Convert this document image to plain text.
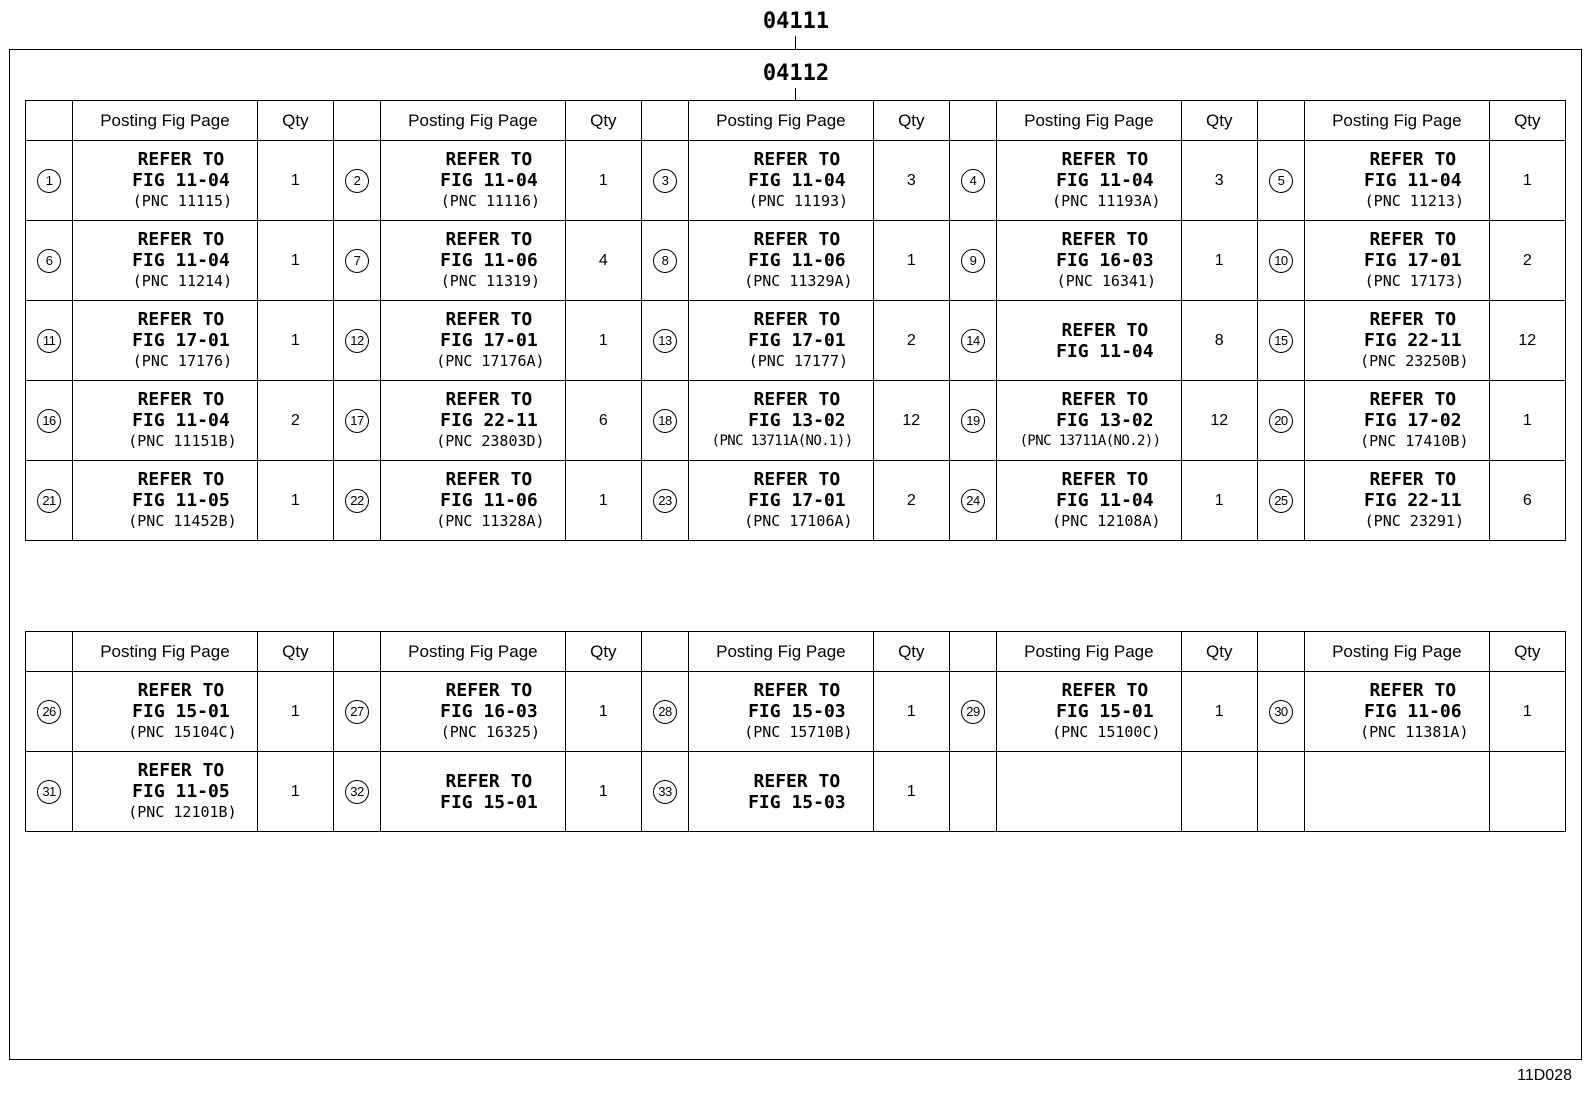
04111
04112
	Posting Fig Page	Qty		Posting Fig Page	Qty		Posting Fig Page	Qty		Posting Fig Page	Qty		Posting Fig Page	Qty
1	REFER TO
FIG 11-04
(PNC 11115)	1	2	REFER TO
FIG 11-04
(PNC 11116)	1	3	REFER TO
FIG 11-04
(PNC 11193)	3	4	REFER TO
FIG 11-04
(PNC 11193A)	3	5	REFER TO
FIG 11-04
(PNC 11213)	1
6	REFER TO
FIG 11-04
(PNC 11214)	1	7	REFER TO
FIG 11-06
(PNC 11319)	4	8	REFER TO
FIG 11-06
(PNC 11329A)	1	9	REFER TO
FIG 16-03
(PNC 16341)	1	10	REFER TO
FIG 17-01
(PNC 17173)	2
11	REFER TO
FIG 17-01
(PNC 17176)	1	12	REFER TO
FIG 17-01
(PNC 17176A)	1	13	REFER TO
FIG 17-01
(PNC 17177)	2	14	REFER TO
FIG 11-04	8	15	REFER TO
FIG 22-11
(PNC 23250B)	12
16	REFER TO
FIG 11-04
(PNC 11151B)	2	17	REFER TO
FIG 22-11
(PNC 23803D)	6	18	REFER TO
FIG 13-02
(PNC 13711A(NO.1))	12	19	REFER TO
FIG 13-02
(PNC 13711A(NO.2))	12	20	REFER TO
FIG 17-02
(PNC 17410B)	1
21	REFER TO
FIG 11-05
(PNC 11452B)	1	22	REFER TO
FIG 11-06
(PNC 11328A)	1	23	REFER TO
FIG 17-01
(PNC 17106A)	2	24	REFER TO
FIG 11-04
(PNC 12108A)	1	25	REFER TO
FIG 22-11
(PNC 23291)	6
	Posting Fig Page	Qty		Posting Fig Page	Qty		Posting Fig Page	Qty		Posting Fig Page	Qty		Posting Fig Page	Qty
26	REFER TO
FIG 15-01
(PNC 15104C)	1	27	REFER TO
FIG 16-03
(PNC 16325)	1	28	REFER TO
FIG 15-03
(PNC 15710B)	1	29	REFER TO
FIG 15-01
(PNC 15100C)	1	30	REFER TO
FIG 11-06
(PNC 11381A)	1
31	REFER TO
FIG 11-05
(PNC 12101B)	1	32	REFER TO
FIG 15-01	1	33	REFER TO
FIG 15-03	1						
11D028
